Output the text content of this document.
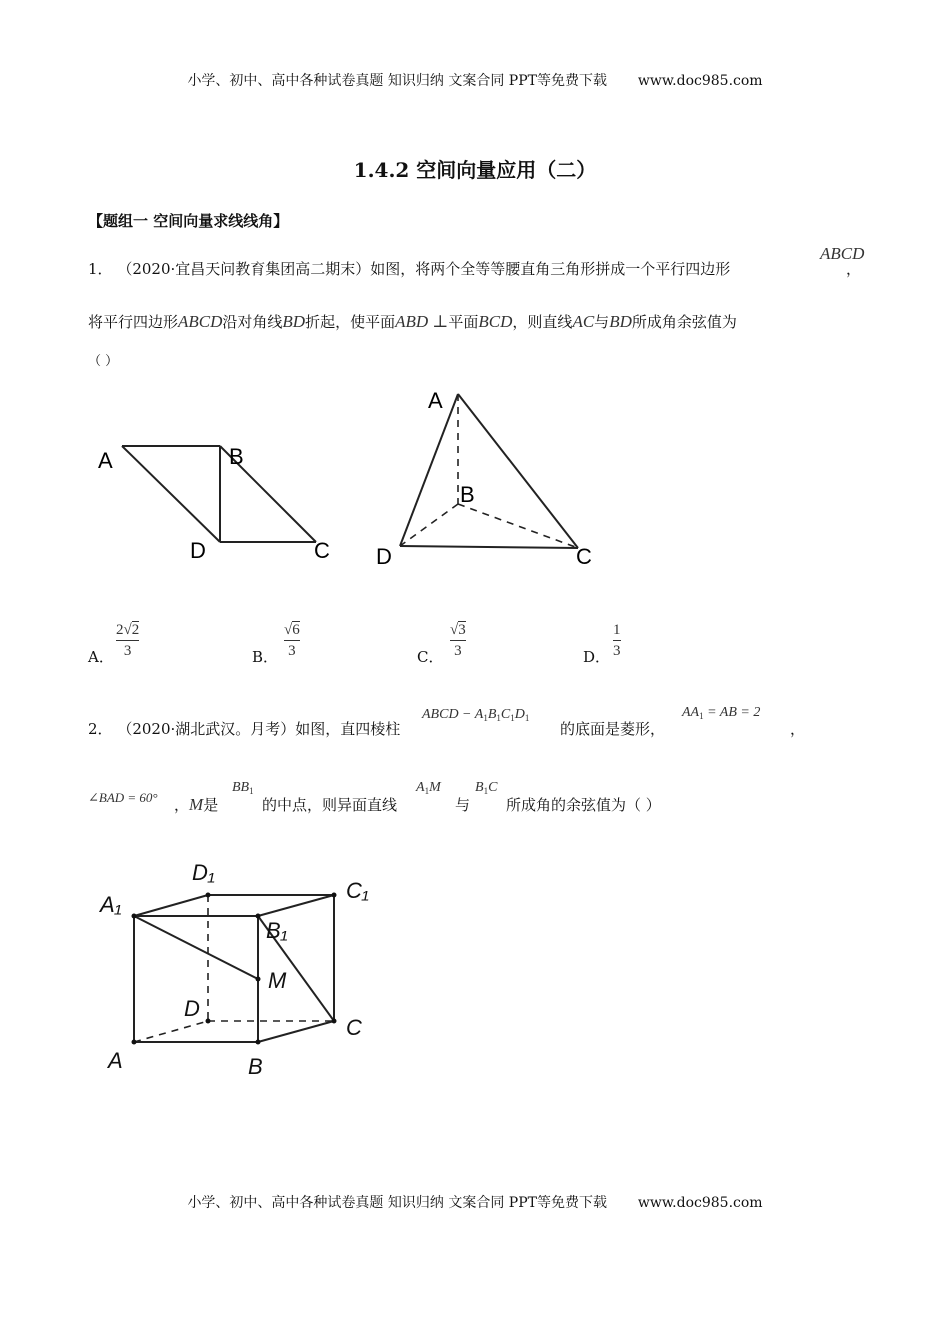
小学、初中、高中各种试卷真题 知识归纳 文案合同 PPT等免费下载 www.doc985.com
1.4.2 空间向量应用（二）
【题组一 空间向量求线线角】
1． （2020·宜昌天问教育集团高二期末）如图，将两个全等等腰直角三角形拼成一个平行四边形
ABCD
，
将平行四边形ABCD沿对角线BD折起，使平面ABD ⊥平面BCD，则直线AC与BD所成角余弦值为
（ ）
A	B
D	C
A
B
D	C
A． $\frac{2√2}{3}$	B． $\frac{√6}{3}$	C． $\frac{√3}{3}$	D． $\frac{1}{3}$
2． （2020·湖北武汉。月考）如图，直四棱柱
ABCD − $A_1B_1C_1D_1$
的底面是菱形，
$AA_1$ = AB = 2
，
∠BAD = 60° ，M是
$BB_1$
的中点，则异面直线
$A_1M$
与
$B_1C$
所成角的余弦值为（ ）
D₁
C₁
A₁
B₁
M
D
C
A	B
小学、初中、高中各种试卷真题 知识归纳 文案合同 PPT等免费下载 www.doc985.com
